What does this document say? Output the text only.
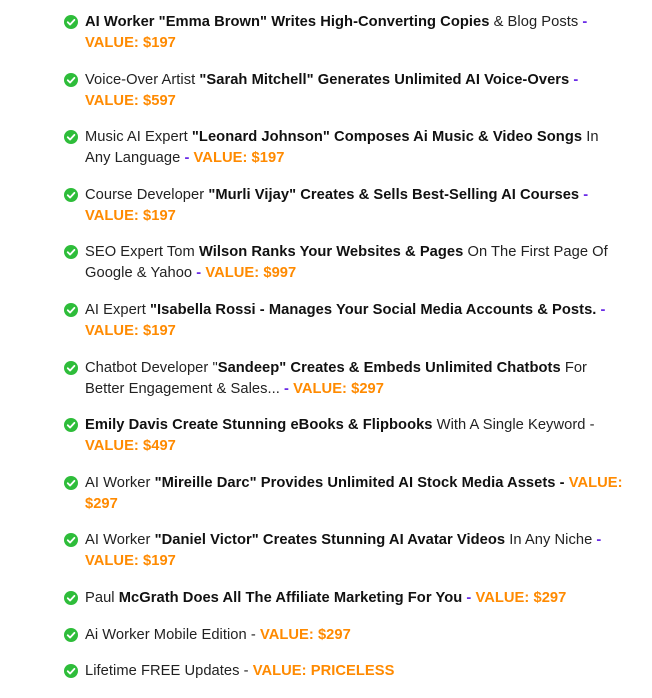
AI Worker "Emma Brown" Writes High-Converting Copies & Blog Posts - VALUE: $197
Voice-Over Artist "Sarah Mitchell" Generates Unlimited AI Voice-Overs - VALUE: $597
Music AI Expert "Leonard Johnson" Composes Ai Music & Video Songs In Any Language - VALUE: $197
Course Developer "Murli Vijay" Creates & Sells Best-Selling AI Courses - VALUE: $197
SEO Expert Tom Wilson Ranks Your Websites & Pages On The First Page Of Google & Yahoo - VALUE: $997
AI Expert "Isabella Rossi - Manages Your Social Media Accounts & Posts. - VALUE: $197
Chatbot Developer "Sandeep" Creates & Embeds Unlimited Chatbots For Better Engagement & Sales... - VALUE: $297
Emily Davis Create Stunning eBooks & Flipbooks With A Single Keyword - VALUE: $497
AI Worker "Mireille Darc" Provides Unlimited AI Stock Media Assets - VALUE: $297
AI Worker "Daniel Victor" Creates Stunning AI Avatar Videos In Any Niche - VALUE: $197
Paul McGrath Does All The Affiliate Marketing For You - VALUE: $297
Ai Worker Mobile Edition - VALUE: $297
Lifetime FREE Updates - VALUE: PRICELESS
